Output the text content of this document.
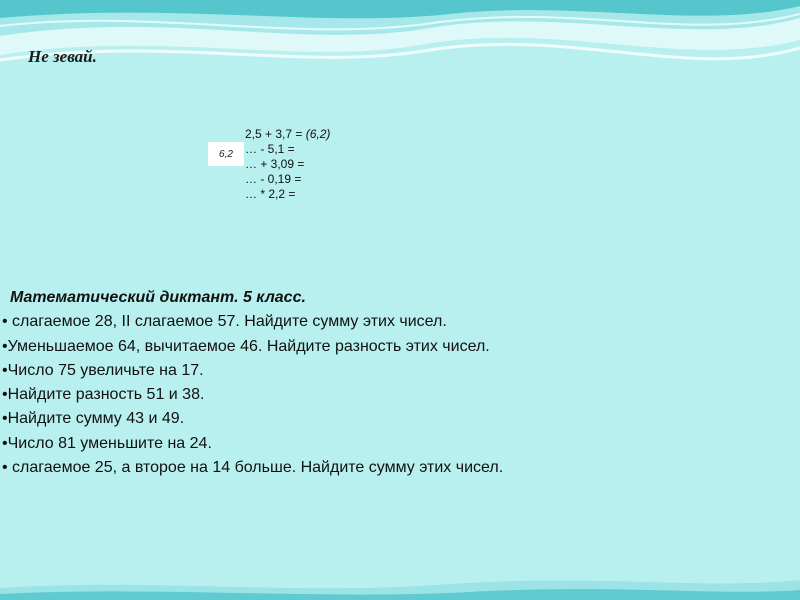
Не зевай.
6,2
2,5 + 3,7 = (6,2)
… - 5,1 =
… + 3,09 =
… - 0,19 =
… * 2,2 =
Математический диктант. 5 класс.
• слагаемое 28, II слагаемое 57. Найдите сумму этих чисел.
•Уменьшаемое 64, вычитаемое 46. Найдите разность этих чисел.
•Число 75 увеличьте на 17.
•Найдите разность 51 и 38.
•Найдите сумму 43 и 49.
•Число 81 уменьшите на 24.
• слагаемое 25, а второе на 14 больше. Найдите сумму этих чисел.
